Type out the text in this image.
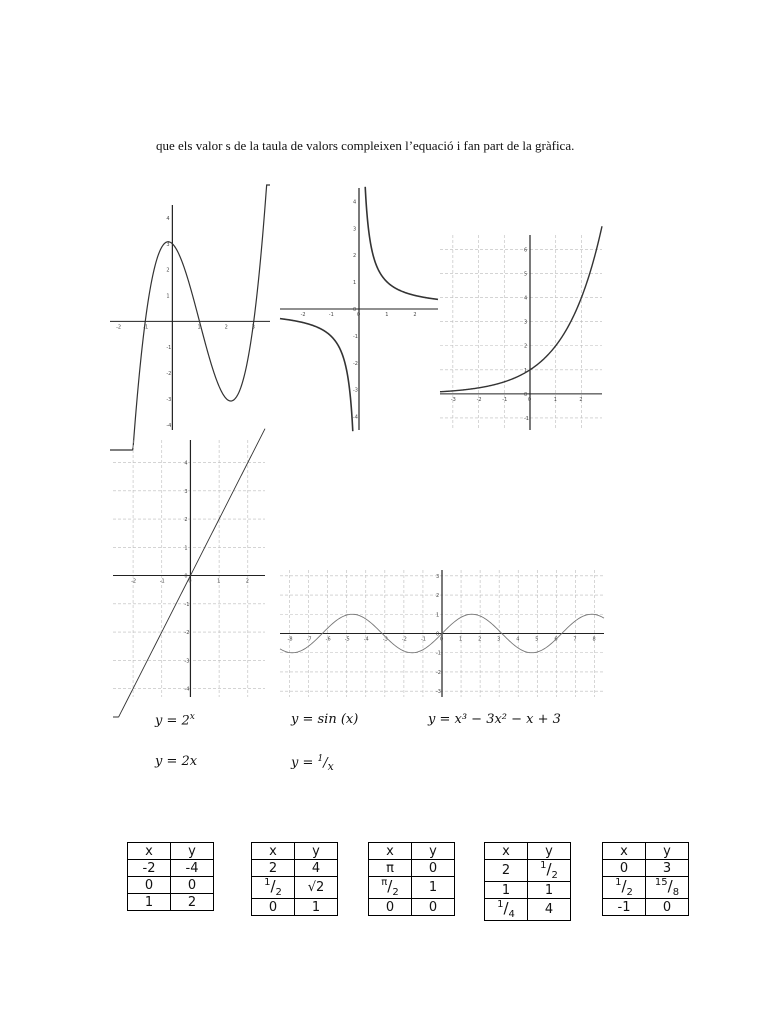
que els valor s de la taula de valors compleixen l’equació i fan part de la gràfica.
-2	-1	1	2	3
4
3
2
1
-1
-2
-3
-4
-2	-1	0	1	2
4
3
2
1
0
-1
-2
-3
-4
-3	-2	-1	0	1	2
6
5
4
3
2
1
0
-1
-2	-1	0	1	2
4
3
2
1
0
-1
-2
-3
-4
-8	-7	-6	-5	-4	-3	-2	-1	0	1	2	3	4	5	6	7	8
3
2
1
0
-1
-2
-3
$y = 2^x$	y = sin (x)	y = x³ − 3x² − x + 3
y = 2x	$y = ^1/_x$
x	y
-2	-4
0	0
1	2
x	y
2	4
$^1/_2$	√2
0	1
x	y
π	0
$^\pi/_2$	1
0	0
x	y
2	$^1/_2$
1	1
$^1/_4$	4
x	y
0	3
$^1/_2$	$^{15}/_8$
-1	0
